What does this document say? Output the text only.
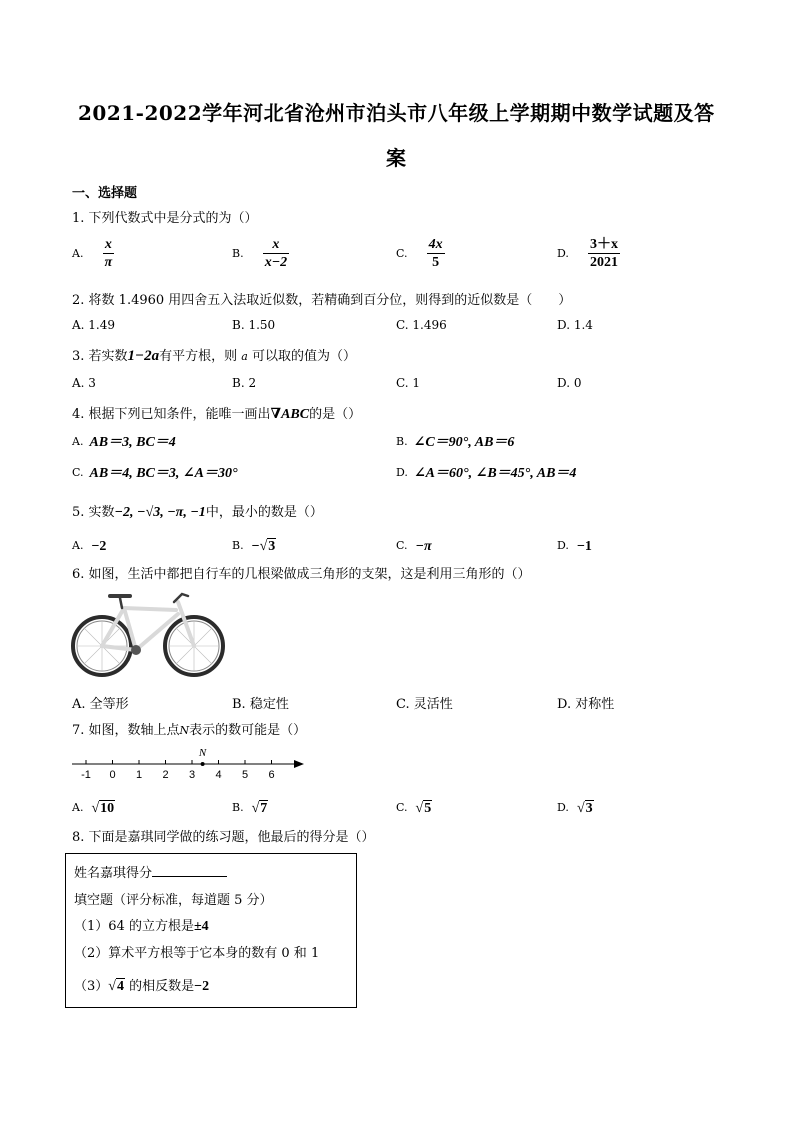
2021-2022学年河北省沧州市泊头市八年级上学期期中数学试题及答
案
一、选择题
1. 下列代数式中是分式的为（）
A. $\frac{x}{\pi}$	B. $\frac{x}{x-2}$	C. $\frac{4x}{5}$	D. $\frac{3+x}{2021}$
2. 将数 1.4960 用四舍五入法取近似数，若精确到百分位，则得到的近似数是（　　）
A. 1.49	B. 1.50	C. 1.496	D. 1.4
3. 若实数1−2a有平方根，则 a 可以取的值为（）
A. 3	B. 2	C. 1	D. 0
4. 根据下列已知条件，能唯一画出∇ABC的是（）
A. AB＝3, BC＝4	B. ∠C＝90°, AB＝6
C. AB＝4, BC＝3, ∠A＝30°	D. ∠A＝60°, ∠B＝45°, AB＝4
5. 实数−2, −√3, −π, −1中，最小的数是（）
A. −2	B. −√3	C. −π	D. −1
6. 如图，生活中都把自行车的几根梁做成三角形的支架，这是利用三角形的（）
A. 全等形	B. 稳定性	C. 灵活性	D. 对称性
7. 如图，数轴上点N表示的数可能是（）
-1 0 1 2 3 4 5 6
N
A. √10	B. √7	C. √5	D. √3
8. 下面是嘉琪同学做的练习题，他最后的得分是（）
姓名嘉琪得分
填空题（评分标准，每道题 5 分）
（1）64 的立方根是±4
（2）算术平方根等于它本身的数有 0 和 1
（3）√4 的相反数是−2
